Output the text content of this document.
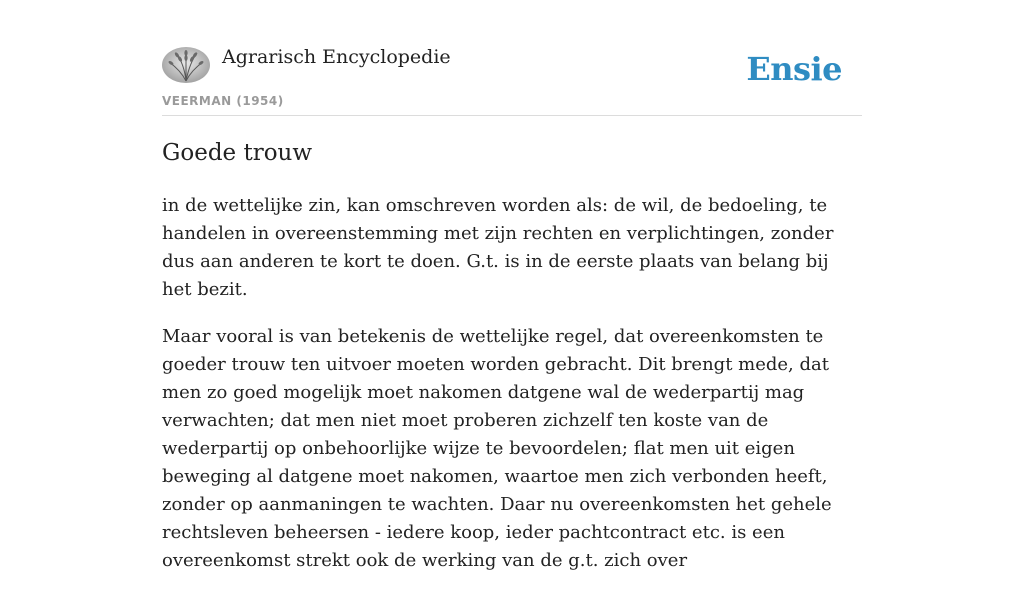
Agrarisch Encyclopedie
VEERMAN (1954)
Ensie
Goede trouw

in de wettelijke zin, kan omschreven worden als: de wil, de bedoeling, te handelen in overeenstemming met zijn rechten en verplichtingen, zonder dus aan anderen te kort te doen. G.t. is in de eerste plaats van belang bij het bezit.

Maar vooral is van betekenis de wettelijke regel, dat overeenkomsten te goeder trouw ten uitvoer moeten worden gebracht. Dit brengt mede, dat men zo goed mogelijk moet nakomen datgene wal de wederpartij mag verwachten; dat men niet moet proberen zichzelf ten koste van de wederpartij op onbehoorlijke wijze te bevoordelen; flat men uit eigen beweging al datgene moet nakomen, waartoe men zich verbonden heeft, zonder op aanmaningen te wachten. Daar nu overeenkomsten het gehele rechtsleven beheersen - iedere koop, ieder pachtcontract etc. is een overeenkomst strekt ook de werking van de g.t. zich over
